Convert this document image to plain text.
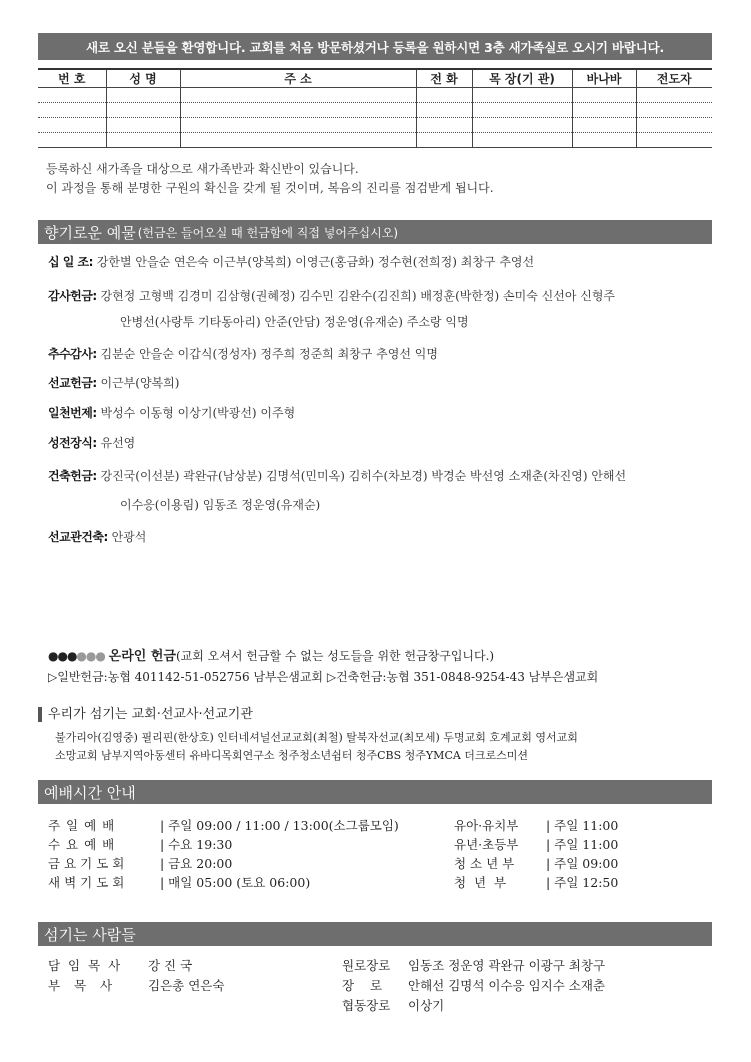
새로 오신 분들을 환영합니다. 교회를 처음 방문하셨거나 등록을 원하시면 3층 새가족실로 오시기 바랍니다.
번 호	성 명	주 소	전 화	목 장(기 관)	바나바	전도자

등록하신 새가족을 대상으로 새가족반과 확신반이 있습니다.
이 과정을 통해 분명한 구원의 확신을 갖게 될 것이며, 복음의 진리를 점검받게 됩니다.
향기로운 예물 (헌금은 들어오실 때 헌금함에 직접 넣어주십시오)
십 일 조: 강한별 안을순 연은숙 이근부(양복희) 이영근(홍금화) 정수현(전희정) 최창구 추영선
감사헌금: 강현정 고형백 김경미 김삼형(권혜정) 김수민 김완수(김진희) 배정훈(박한정) 손미숙 신선아 신형주
안병선(사랑투 기타동아리) 안준(안담) 정운영(유재순) 주소랑 익명
추수감사: 김분순 안을순 이갑식(정성자) 정주희 정준희 최창구 추영선 익명
선교헌금: 이근부(양복희)
일천번제: 박성수 이동형 이상기(박광선) 이주형
성전장식: 유선영
건축헌금: 강진국(이선분) 곽완규(남상분) 김명석(민미옥) 김히수(차보경) 박경순 박선영 소재춘(차진영) 안해선
이수응(이용림) 임동조 정운영(유재순)
선교관건축: 안광석
●●●●●● 온라인 헌금(교회 오셔서 헌금할 수 없는 성도들을 위한 헌금창구입니다.)
▷일반헌금:농협 401142-51-052756 남부은샘교회 ▷건축헌금:농협 351-0848-9254-43 남부은샘교회
우리가 섬기는 교회·선교사·선교기관
불가리아(김영중) 필리핀(한상호) 인터네셔널선교교회(최철) 탈북자선교(최모세) 두명교회 호계교회 영서교회
소망교회 남부지역아동센터 유바디목회연구소 청주청소년쉼터 청주CBS 청주YMCA 더크로스미션
예배시간 안내
주 일 예 배	| 주일 09:00 / 11:00 / 13:00(소그룹모임)
수 요 예 배	| 수요 19:30
금요기도회 | 금요 20:00
새벽기도회 | 매일 05:00 (토요 06:00)
유아·유치부 | 주일 11:00
유년·초등부 | 주일 11:00
청 소 년 부 | 주일 09:00
청  년  부	| 주일 12:50
섬기는 사람들
담 임 목 사 강 진 국
부  목  사	김은총 연은숙
원로장로 임동조 정운영 곽완규 이광구 최창구
장    로 안해선 김명석 이수응 임지수 소재춘
협동장로 이상기
